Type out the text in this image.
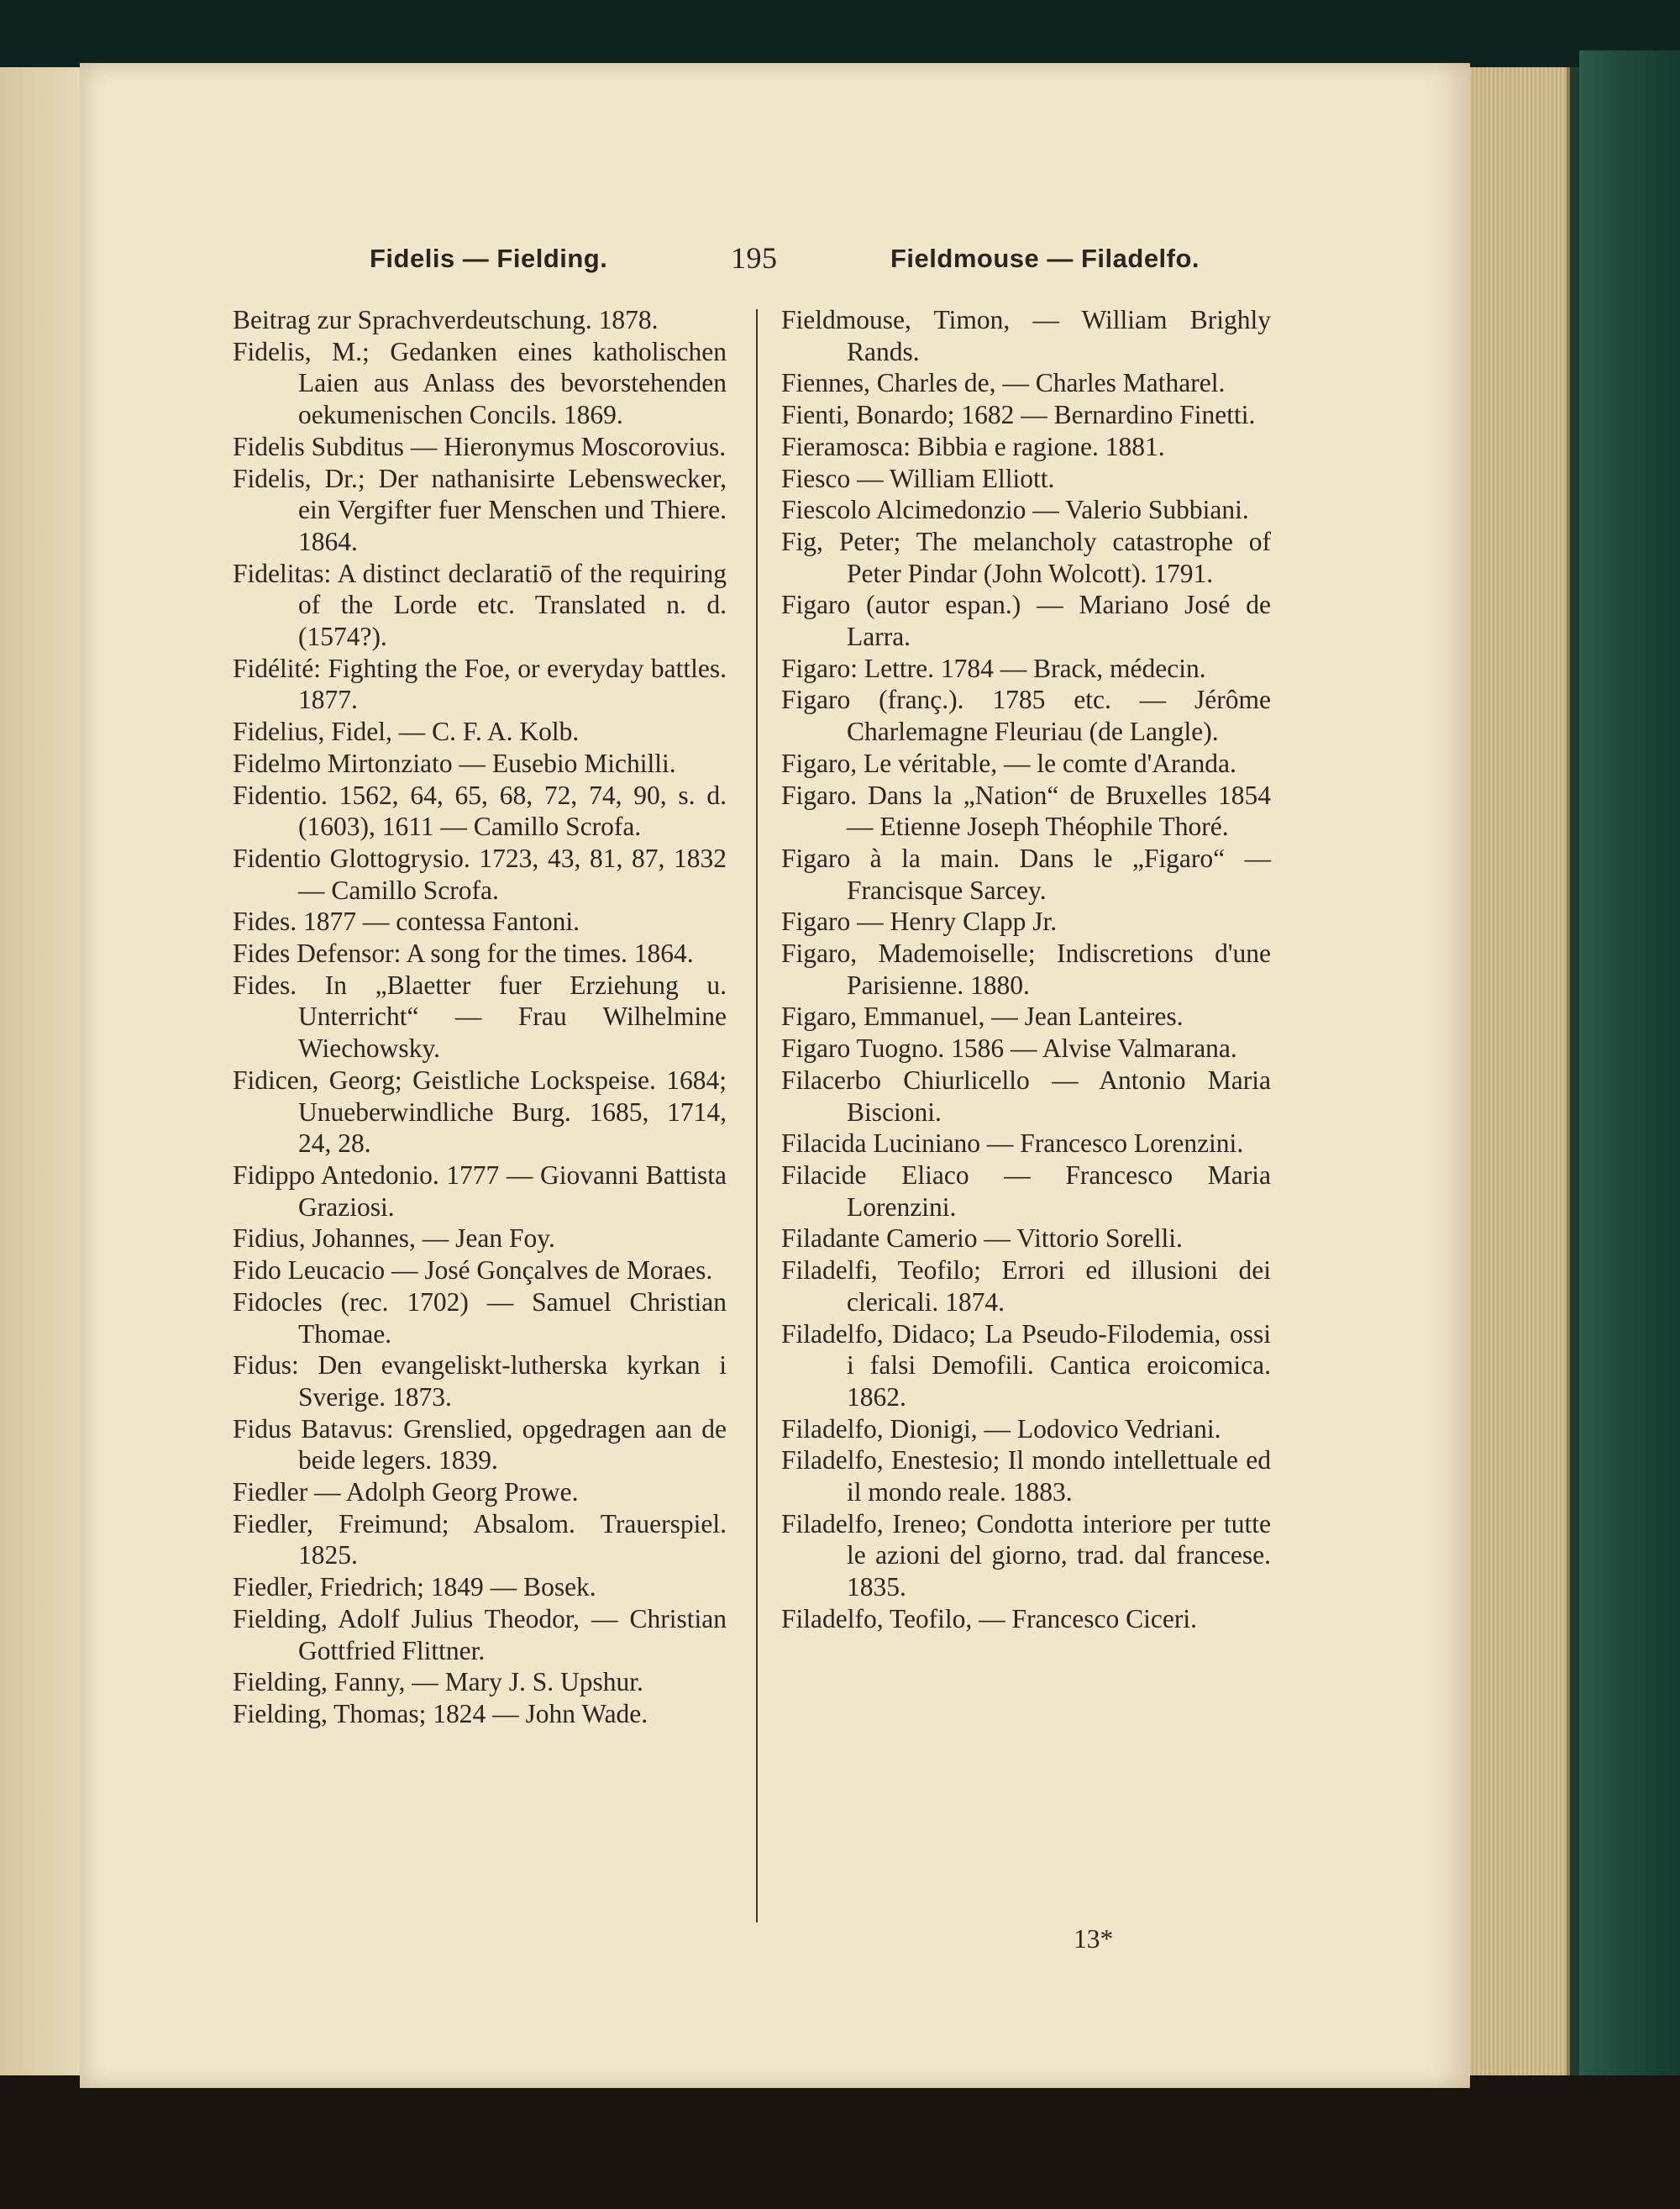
Fidelis — Fielding.	195	Fieldmouse — Filadelfo.
Beitrag zur Sprachverdeutschung. 1878.
Fidelis, M.; Gedanken eines katholischen Laien aus Anlass des bevorstehenden oekumenischen Concils. 1869.
Fidelis Subditus — Hieronymus Moscorovius.
Fidelis, Dr.; Der nathanisirte Lebenswecker, ein Vergifter fuer Menschen und Thiere. 1864.
Fidelitas: A distinct declaratiō of the requiring of the Lorde etc. Translated n. d. (1574?).
Fidélité: Fighting the Foe, or everyday battles. 1877.
Fidelius, Fidel, — C. F. A. Kolb.
Fidelmo Mirtonziato — Eusebio Michilli.
Fidentio. 1562, 64, 65, 68, 72, 74, 90, s. d. (1603), 1611 — Camillo Scrofa.
Fidentio Glottogrysio. 1723, 43, 81, 87, 1832 — Camillo Scrofa.
Fides. 1877 — contessa Fantoni.
Fides Defensor: A song for the times. 1864.
Fides. In „Blaetter fuer Erziehung u. Unterricht“ — Frau Wilhelmine Wiechowsky.
Fidicen, Georg; Geistliche Lockspeise. 1684; Unueberwindliche Burg. 1685, 1714, 24, 28.
Fidippo Antedonio. 1777 — Giovanni Battista Graziosi.
Fidius, Johannes, — Jean Foy.
Fido Leucacio — José Gonçalves de Moraes.
Fidocles (rec. 1702) — Samuel Christian Thomae.
Fidus: Den evangeliskt-lutherska kyrkan i Sverige. 1873.
Fidus Batavus: Grenslied, opgedragen aan de beide legers. 1839.
Fiedler — Adolph Georg Prowe.
Fiedler, Freimund; Absalom. Trauerspiel. 1825.
Fiedler, Friedrich; 1849 — Bosek.
Fielding, Adolf Julius Theodor, — Christian Gottfried Flittner.
Fielding, Fanny, — Mary J. S. Upshur.
Fielding, Thomas; 1824 — John Wade.
Fieldmouse, Timon, — William Brighly Rands.
Fiennes, Charles de, — Charles Matharel.
Fienti, Bonardo; 1682 — Bernardino Finetti.
Fieramosca: Bibbia e ragione. 1881.
Fiesco — William Elliott.
Fiescolo Alcimedonzio — Valerio Subbiani.
Fig, Peter; The melancholy catastrophe of Peter Pindar (John Wolcott). 1791.
Figaro (autor espan.) — Mariano José de Larra.
Figaro: Lettre. 1784 — Brack, médecin.
Figaro (franç.). 1785 etc. — Jérôme Charlemagne Fleuriau (de Langle).
Figaro, Le véritable, — le comte d'Aranda.
Figaro. Dans la „Nation“ de Bruxelles 1854 — Etienne Joseph Théophile Thoré.
Figaro à la main. Dans le „Figaro“ — Francisque Sarcey.
Figaro — Henry Clapp Jr.
Figaro, Mademoiselle; Indiscretions d'une Parisienne. 1880.
Figaro, Emmanuel, — Jean Lanteires.
Figaro Tuogno. 1586 — Alvise Valmarana.
Filacerbo Chiurlicello — Antonio Maria Biscioni.
Filacida Luciniano — Francesco Lorenzini.
Filacide Eliaco — Francesco Maria Lorenzini.
Filadante Camerio — Vittorio Sorelli.
Filadelfi, Teofilo; Errori ed illusioni dei clericali. 1874.
Filadelfo, Didaco; La Pseudo-Filodemia, ossi i falsi Demofili. Cantica eroicomica. 1862.
Filadelfo, Dionigi, — Lodovico Vedriani.
Filadelfo, Enestesio; Il mondo intellettuale ed il mondo reale. 1883.
Filadelfo, Ireneo; Condotta interiore per tutte le azioni del giorno, trad. dal francese. 1835.
Filadelfo, Teofilo, — Francesco Ciceri.
13*
